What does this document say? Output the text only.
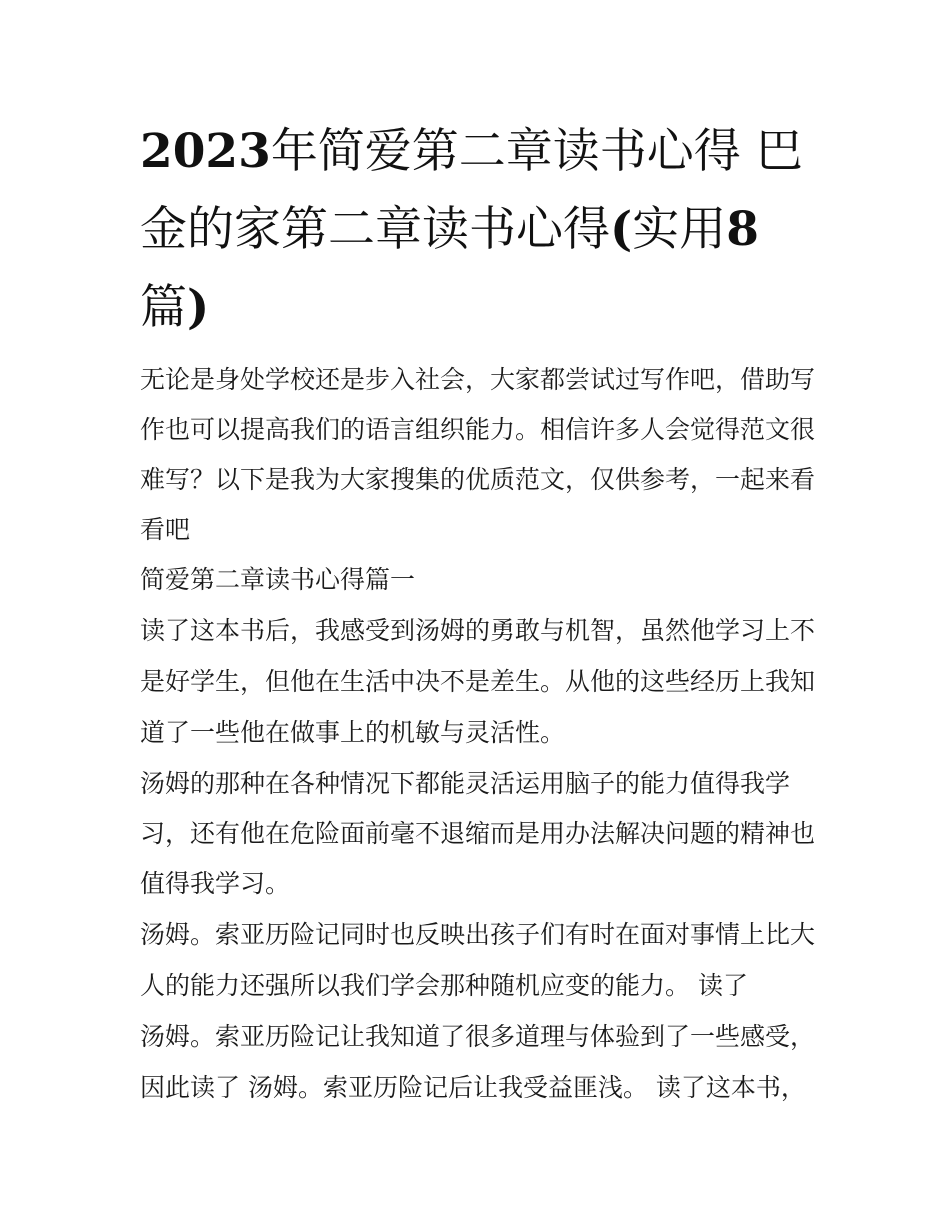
2023年简爱第二章读书心得 巴金的家第二章读书心得(实用8篇)

无论是身处学校还是步入社会，大家都尝试过写作吧，借助写

作也可以提高我们的语言组织能力。相信许多人会觉得范文很

难写？以下是我为大家搜集的优质范文，仅供参考，一起来看

看吧

简爱第二章读书心得篇一

读了这本书后，我感受到汤姆的勇敢与机智，虽然他学习上不

是好学生，但他在生活中决不是差生。从他的这些经历上我知

道了一些他在做事上的机敏与灵活性。

汤姆的那种在各种情况下都能灵活运用脑子的能力值得我学

习，还有他在危险面前毫不退缩而是用办法解决问题的精神也

值得我学习。

汤姆。索亚历险记同时也反映出孩子们有时在面对事情上比大

人的能力还强所以我们学会那种随机应变的能力。 读了

汤姆。索亚历险记让我知道了很多道理与体验到了一些感受，

因此读了 汤姆。索亚历险记后让我受益匪浅。 读了这本书，
